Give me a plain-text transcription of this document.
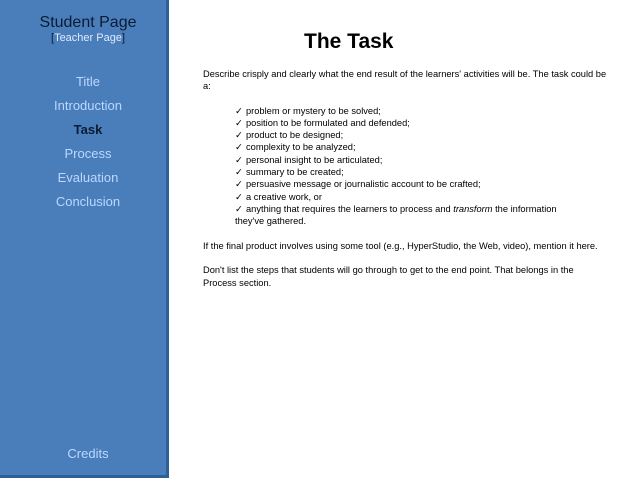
Student Page
[Teacher Page]
Title
Introduction
Task
Process
Evaluation
Conclusion
Credits
The Task

Describe crisply and clearly what the end result of the learners' activities will be. The task could be a:

✓ problem or mystery to be solved;
✓ position to be formulated and defended;
✓ product to be designed;
✓ complexity to be analyzed;
✓ personal insight to be articulated;
✓ summary to be created;
✓ persuasive message or journalistic account to be crafted;
✓ a creative work, or
✓ anything that requires the learners to process and transform the information
they've gathered.

If the final product involves using some tool (e.g., HyperStudio, the Web, video), mention it here.

Don't list the steps that students will go through to get to the end point. That belongs in the Process section.
